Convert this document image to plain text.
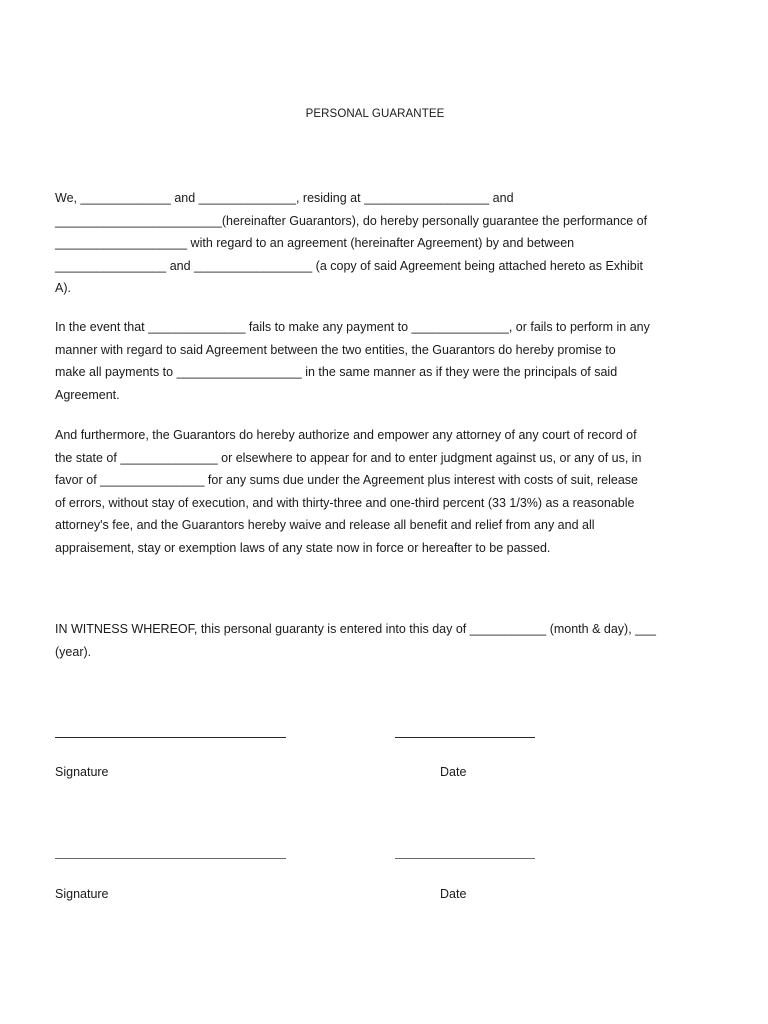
PERSONAL GUARANTEE

We, _____________ and ______________, residing at __________________ and
________________________(hereinafter Guarantors), do hereby personally guarantee the performance of
___________________ with regard to an agreement (hereinafter Agreement) by and between
________________ and _________________ (a copy of said Agreement being attached hereto as Exhibit
A).

In the event that ______________ fails to make any payment to ______________, or fails to perform in any
manner with regard to said Agreement between the two entities, the Guarantors do hereby promise to
make all payments to __________________ in the same manner as if they were the principals of said
Agreement.

And furthermore, the Guarantors do hereby authorize and empower any attorney of any court of record of
the state of ______________ or elsewhere to appear for and to enter judgment against us, or any of us, in
favor of _______________ for any sums due under the Agreement plus interest with costs of suit, release
of errors, without stay of execution, and with thirty-three and one-third percent (33 1/3%) as a reasonable
attorney's fee, and the Guarantors hereby waive and release all benefit and relief from any and all
appraisement, stay or exemption laws of any state now in force or hereafter to be passed.

IN WITNESS WHEREOF, this personal guaranty is entered into this day of ___________ (month & day), ___
(year).

Signature	Date
Signature	Date
